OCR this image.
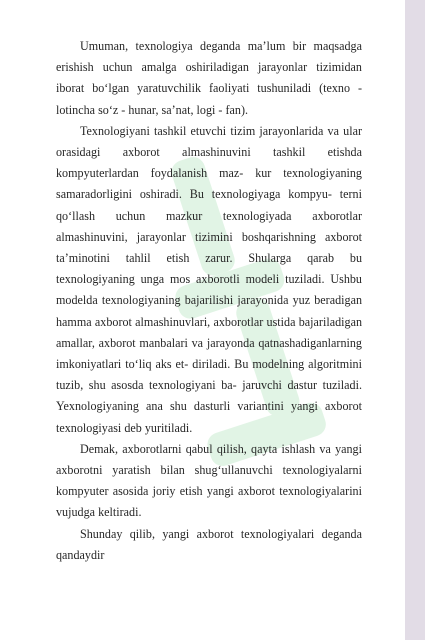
Umuman, texnologiya deganda ma’lum bir maqsadga erishish uchun amalga oshiriladigan jarayonlar tizimidan iborat bo‘lgan yaratuvchilik faoliyati tushuniladi (texno - lotincha so‘z - hunar, sa’nat, logi - fan).

Texnologiyani tashkil etuvchi tizim jarayonlarida va ular orasidagi axborot almashinuvini tashkil etishda kompyuterlardan foydalanish maz- kur texnologiyaning samaradorligini oshiradi. Bu texnologiyaga kompyu- terni qo‘llash uchun mazkur texnologiyada axborotlar almashinuvini, jarayonlar tizimini boshqarishning axborot ta’minotini tahlil etish zarur. Shularga qarab bu texnologiyaning unga mos axborotli modeli tuziladi. Ushbu modelda texnologiyaning bajarilishi jarayonida yuz beradigan hamma axborot almashinuvlari, axborotlar ustida bajariladigan amallar, axborot manbalari va jarayonda qatnashadiganlarning imkoniyatlari to‘liq aks et- diriladi. Bu modelning algoritmini tuzib, shu asosda texnologiyani ba- jaruvchi dastur tuziladi. Yexnologiyaning ana shu dasturli variantini yangi axborot texnologiyasi deb yuritiladi.

Demak, axborotlarni qabul qilish, qayta ishlash va yangi axborotni yaratish bilan shug‘ullanuvchi texnologiyalarni kompyuter asosida joriy etish yangi axborot texnologiyalarini vujudga keltiradi.

Shunday qilib, yangi axborot texnologiyalari deganda qandaydir
